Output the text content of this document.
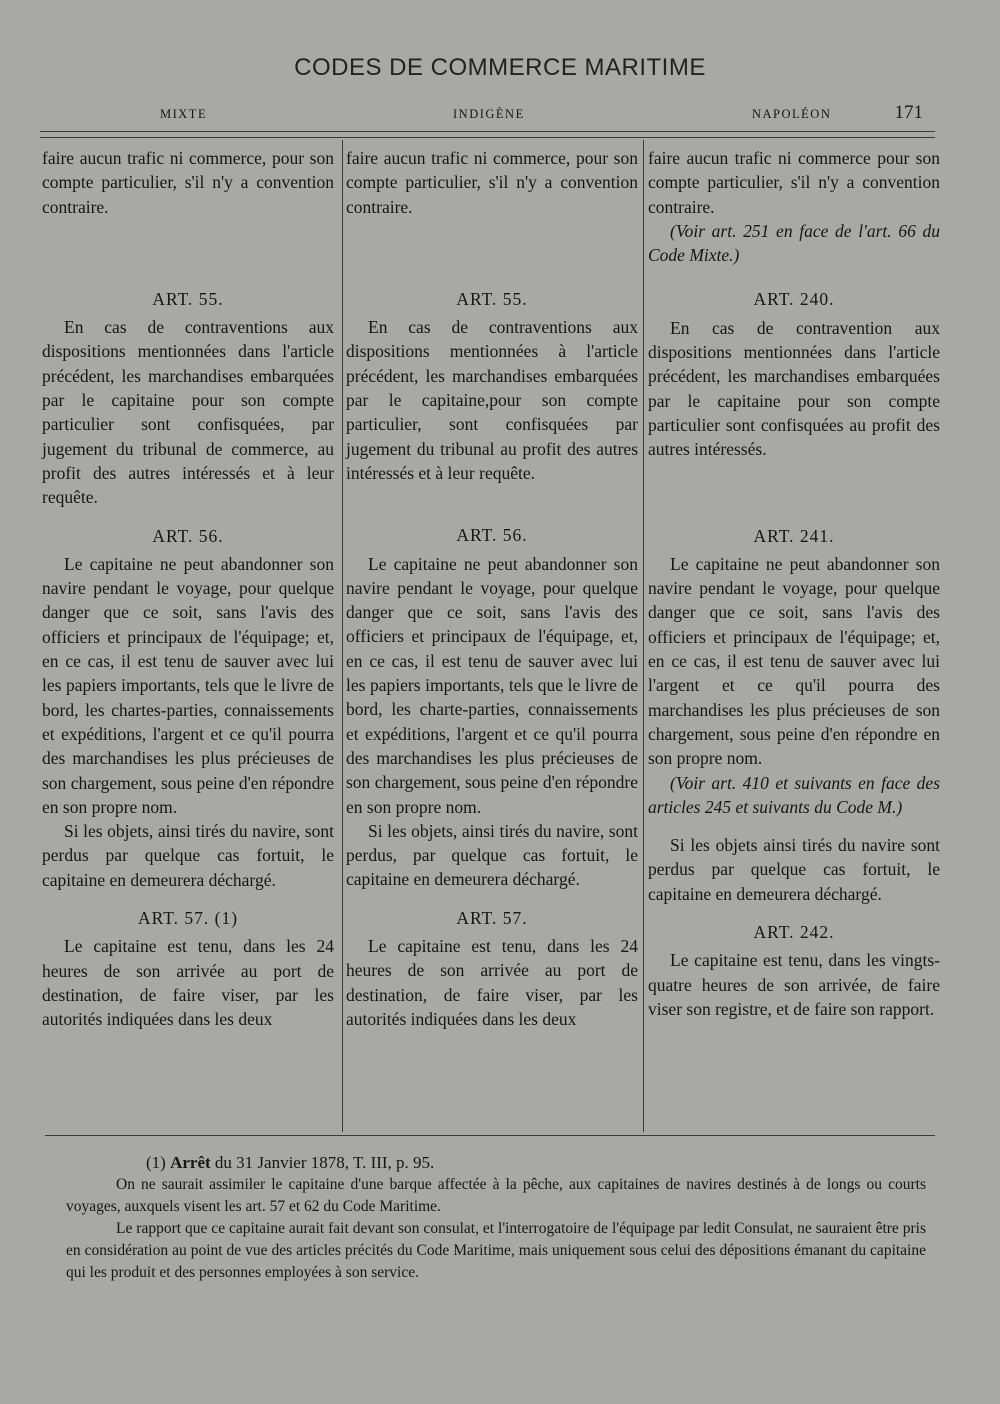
CODES DE COMMERCE MARITIME
MIXTE	INDIGÈNE	NAPOLÉON	171

faire aucun trafic ni commerce, pour son compte particulier, s'il n'y a convention contraire.

ART. 55.

En cas de contraventions aux dispositions mentionnées dans l'article précédent, les marchandises embarquées par le capitaine pour son compte particulier sont confisquées, par jugement du tribunal de commerce, au profit des autres intéressés et à leur requête.

ART. 56.

Le capitaine ne peut abandonner son navire pendant le voyage, pour quelque danger que ce soit, sans l'avis des officiers et principaux de l'équipage; et, en ce cas, il est tenu de sauver avec lui les papiers importants, tels que le livre de bord, les chartes-parties, connaissements et expéditions, l'argent et ce qu'il pourra des marchandises les plus précieuses de son chargement, sous peine d'en répondre en son propre nom.

Si les objets, ainsi tirés du navire, sont perdus par quelque cas fortuit, le capitaine en demeurera déchargé.

ART. 57. (1)

Le capitaine est tenu, dans les 24 heures de son arrivée au port de destination, de faire viser, par les autorités indiquées dans les deux

faire aucun trafic ni commerce, pour son compte particulier, s'il n'y a convention contraire.

ART. 55.

En cas de contraventions aux dispositions mentionnées à l'article précédent, les marchandises embarquées par le capitaine,pour son compte particulier, sont confisquées par jugement du tribunal au profit des autres intéressés et à leur requête.

ART. 56.

Le capitaine ne peut abandonner son navire pendant le voyage, pour quelque danger que ce soit, sans l'avis des officiers et principaux de l'équipage, et, en ce cas, il est tenu de sauver avec lui les papiers importants, tels que le livre de bord, les charte-parties, connaissements et expéditions, l'argent et ce qu'il pourra des marchandises les plus précieuses de son chargement, sous peine d'en répondre en son propre nom.

Si les objets, ainsi tirés du navire, sont perdus, par quelque cas fortuit, le capitaine en demeurera déchargé.

ART. 57.

Le capitaine est tenu, dans les 24 heures de son arrivée au port de destination, de faire viser, par les autorités indiquées dans les deux

faire aucun trafic ni commerce pour son compte particulier, s'il n'y a convention contraire.

(Voir art. 251 en face de l'art. 66 du Code Mixte.)

ART. 240.

En cas de contravention aux dispositions mentionnées dans l'article précédent, les marchandises embarquées par le capitaine pour son compte particulier sont confisquées au profit des autres intéressés.

ART. 241.

Le capitaine ne peut abandonner son navire pendant le voyage, pour quelque danger que ce soit, sans l'avis des officiers et principaux de l'équipage; et, en ce cas, il est tenu de sauver avec lui l'argent et ce qu'il pourra des marchandises les plus précieuses de son chargement, sous peine d'en répondre en son propre nom.

(Voir art. 410 et suivants en face des articles 245 et suivants du Code M.)

Si les objets ainsi tirés du navire sont perdus par quelque cas fortuit, le capitaine en demeurera déchargé.

ART. 242.

Le capitaine est tenu, dans les vingts-quatre heures de son arrivée, de faire viser son registre, et de faire son rapport.

(1) Arrêt du 31 Janvier 1878, T. III, p. 95.

On ne saurait assimiler le capitaine d'une barque affectée à la pêche, aux capitaines de navires destinés à de longs ou courts voyages, auxquels visent les art. 57 et 62 du Code Maritime.

Le rapport que ce capitaine aurait fait devant son consulat, et l'interrogatoire de l'équipage par ledit Consulat, ne sauraient être pris en considération au point de vue des articles précités du Code Maritime, mais uniquement sous celui des dépositions émanant du capitaine qui les produit et des personnes employées à son service.
